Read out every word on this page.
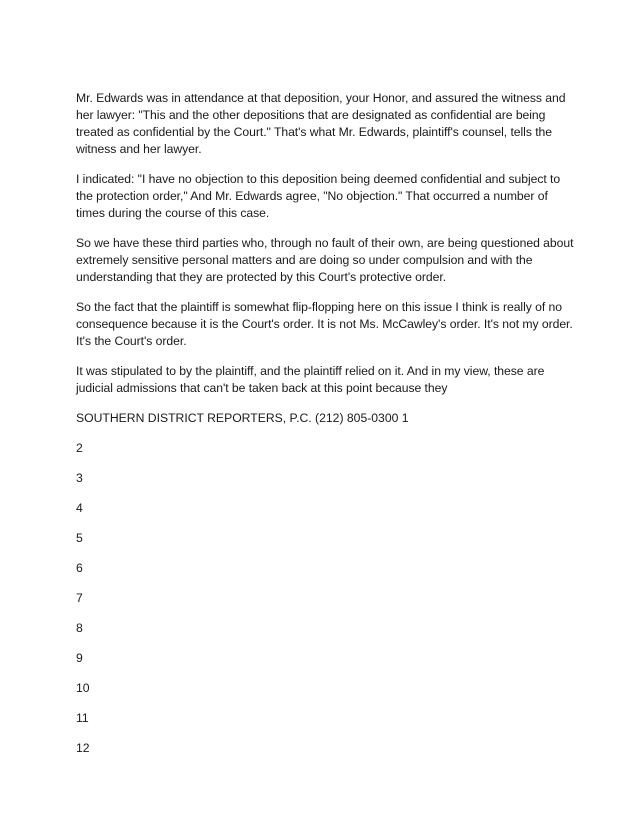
Mr. Edwards was in attendance at that deposition, your Honor, and assured the witness and her lawyer: "This and the other depositions that are designated as confidential are being treated as confidential by the Court." That's what Mr. Edwards, plaintiff's counsel, tells the witness and her lawyer.

I indicated: "I have no objection to this deposition being deemed confidential and subject to the protection order," And Mr. Edwards agree, "No objection." That occurred a number of times during the course of this case.

So we have these third parties who, through no fault of their own, are being questioned about extremely sensitive personal matters and are doing so under compulsion and with the understanding that they are protected by this Court's protective order.

So the fact that the plaintiff is somewhat flip-flopping here on this issue I think is really of no consequence because it is the Court's order. It is not Ms. McCawley's order. It's not my order. It's the Court's order.

It was stipulated to by the plaintiff, and the plaintiff relied on it. And in my view, these are judicial admissions that can't be taken back at this point because they

SOUTHERN DISTRICT REPORTERS, P.C. (212) 805-0300 1

2

3

4

5

6

7

8

9

10

11

12
